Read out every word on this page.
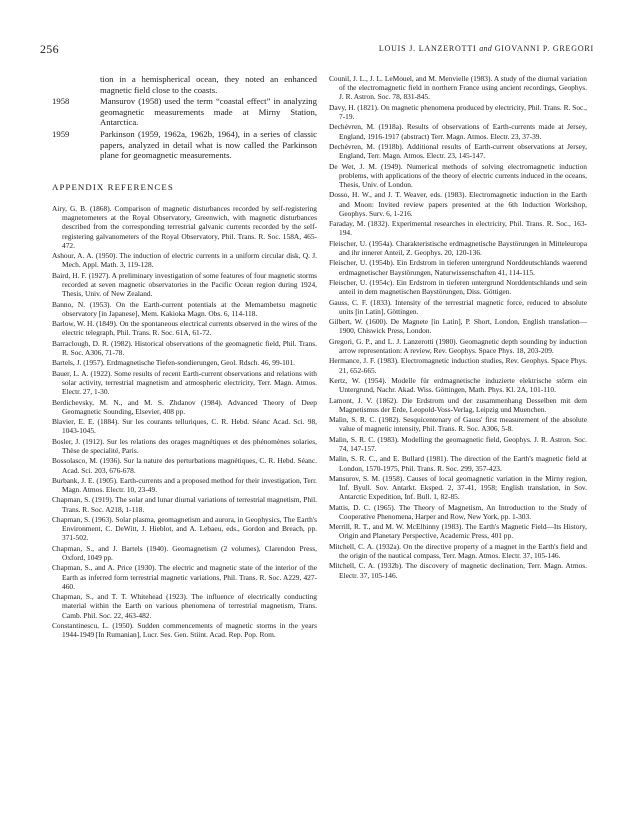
256	LOUIS J. LANZEROTTI and GIOVANNI P. GREGORI
tion in a hemispherical ocean, they noted an enhanced magnetic field close to the coasts.
1958	Mansurov (1958) used the term “coastal effect” in analyzing geomagnetic measurements made at Mirny Station, Antarctica.
1959	Parkinson (1959, 1962a, 1962b, 1964), in a series of classic papers, analyzed in detail what is now called the Parkinson plane for geomagnetic measurements.
APPENDIX REFERENCES
Airy, G. B. (1868). Comparison of magnetic disturbances recorded by self-registering magnetometers at the Royal Observatory, Greenwich, with magnetic disturbances described from the corresponding terrestrial galvanic currents recorded by the self-registering galvanometers of the Royal Observatory, Phil. Trans. R. Soc. 158A, 465-472.
Ashour, A. A. (1950). The induction of electric currents in a uniform circular disk, Q. J. Mech. Appl. Math. 3, 119-128.
Baird, H. F. (1927). A preliminary investigation of some features of four magnetic storms recorded at seven magnetic observatories in the Pacific Ocean region during 1924, Thesis, Univ. of New Zealand.
Banno, N. (1953). On the Earth-current potentials at the Memambetsu magnetic observatory [in Japanese], Mem. Kakioka Magn. Obs. 6, 114-118.
Barlow, W. H. (1849). On the spontaneous electrical currents observed in the wires of the electric telegraph, Phil. Trans. R. Soc. 61A, 61-72.
Barraclough, D. R. (1982). Historical observations of the geomagnetic field, Phil. Trans. R. Soc. A306, 71-78.
Bartels, J. (1957). Erdmagnetische Tiefen-sondierungen, Geol. Rdsch. 46, 99-101.
Bauer, L. A. (1922). Some results of recent Earth-current observations and relations with solar activity, terrestrial magnetism and atmospheric electricity, Terr. Magn. Atmos. Electr. 27, 1-30.
Berdichevsky, M. N., and M. S. Zhdanov (1984). Advanced Theory of Deep Geomagnetic Sounding, Elsevier, 408 pp.
Blavier, E. E. (1884). Sur les courants telluriques, C. R. Hebd. Séanc Acad. Sci. 98, 1043-1045.
Bosler, J. (1912). Sur les relations des orages magnétiques et des phénomènes solaries, Thèse de specialité, Paris.
Bossolasco, M. (1936). Sur la nature des perturbations magnétiques, C. R. Hebd. Séanc. Acad. Sci. 203, 676-678.
Burbank, J. E. (1905). Earth-currents and a proposed method for their investigation, Terr. Magn. Atmos. Electr. 10, 23-49.
Chapman, S. (1919). The solar and lunar diurnal variations of terrestrial magnetism, Phil. Trans. R. Soc. A218, 1-118.
Chapman, S. (1963). Solar plasma, geomagnetism and aurora, in Geophysics, The Earth's Environment, C. DeWitt, J. Hieblot, and A. Lebaeu, eds., Gordon and Breach, pp. 371-502.
Chapman, S., and J. Bartels (1940). Geomagnetism (2 volumes), Clarendon Press, Oxford, 1049 pp.
Chapman, S., and A. Price (1930). The electric and magnetic state of the interior of the Earth as inferred form terrestrial magnetic variations, Phil. Trans. R. Soc. A229, 427-460.
Chapman, S., and T. T. Whitehead (1923). The influence of electrically conducting material within the Earth on various phenomena of terrestrial magnetism, Trans. Camb. Phil. Soc. 22, 463-482.
Constantinescu, L. (1950). Sudden commencements of magnetic storms in the years 1944-1949 [In Rumanian], Lucr. Ses. Gen. Stiint. Acad. Rep. Pop. Rom.
Counil, J. L., J. L. LeMouel, and M. Menvielle (1983). A study of the diurnal variation of the electromagnetic field in northern France using ancient recordings, Geophys. J. R. Astron. Soc. 78, 831-845.
Davy, H. (1821). On magnetic phenomena produced by electricity, Phil. Trans. R. Soc., 7-19.
Dechévren, M. (1918a). Results of observations of Earth-currents made at Jersey, England, 1916-1917 (abstract) Terr. Magn. Atmos. Electr. 23, 37-39.
Dechévren, M. (1918b). Additional results of Earth-current observations at Jersey, England, Terr. Magn. Atmos. Electr. 23, 145-147.
De Wet, J. M. (1949). Numerical methods of solving electromagnetic induction problems, with applications of the theory of electric currents induced in the oceans, Thesis, Univ. of London.
Dosso, H. W., and J. T. Weaver, eds. (1983). Electromagnetic induction in the Earth and Moon: Invited review papers presented at the 6th Induction Workshop, Geophys. Surv. 6, 1-216.
Faraday, M. (1832). Experimental researches in electricity, Phil. Trans. R. Soc., 163-194.
Fleischer, U. (1954a). Charakteristische erdmagnetische Baystörungen in Mitteleuropa and ihr innerer Anteil, Z. Geophys. 20, 120-136.
Fleischer, U. (1954b). Ein Erdstrom in tieferen untergrund Norddeutschlands waerend erdmagnetischer Baystörungen, Naturwissenschaften 41, 114-115.
Fleischer, U. (1954c). Ein Erdstrom in tieferen untergrund Norddentschlands und sein anteil in dem magnetischen Baystörungen, Diss. Göttigen.
Gauss, C. F. (1833). Intensity of the terrestrial magnetic force, reduced to absolute units [in Latin], Göttingen.
Gilbert, W. (1600). De Magnete [in Latin], P. Short, London, English translation—1900, Chiswick Press, London.
Gregori, G. P., and L. J. Lanzerotti (1980). Geomagnetic depth sounding by induction arrow representation: A review, Rev. Geophys. Space Phys. 18, 203-209.
Hermance, J. F. (1983). Electromagnetic induction studies, Rev. Geophys. Space Phys. 21, 652-665.
Kertz, W. (1954). Modelle für erdmagnetische induzierte elektrische störm ein Untergrund, Nachr. Akad. Wiss. Göttingen, Math. Phys. Kl. 2A, 101-110.
Lamont, J. V. (1862). Die Erdstrom und der zusammenhang Desselben mit dem Magnetismus der Erde, Leopold-Voss-Verlag, Leipzig und Muenchen.
Malin, S. R. C. (1982). Sesquicentenary of Gauss' first measurement of the absolute value of magnetic intensity, Phil. Trans. R. Soc. A306, 5-8.
Malin, S. R. C. (1983). Modelling the geomagnetic field, Geophys. J. R. Astron. Soc. 74, 147-157.
Malin, S. R. C., and E. Bullard (1981). The direction of the Earth's magnetic field at London, 1570-1975, Phil. Trans. R. Soc. 299, 357-423.
Mansurov, S. M. (1958). Causes of local geomagnetic variation in the Mirny region, Inf. Byull. Sov. Antarkt. Eksped. 2, 37-41, 1958; English translation, in Sov. Antarctic Expedition, Inf. Bull. 1, 82-85.
Mattis, D. C. (1965). The Theory of Magnetism, An Introduction to the Study of Cooperative Phenomena, Harper and Row, New York, pp. 1-303.
Merrill, R. T., and M. W. McElhinny (1983). The Earth's Magnetic Field—Its History, Origin and Planetary Perspective, Academic Press, 401 pp.
Mitchell, C. A. (1932a). On the directive property of a magnet in the Earth's field and the origin of the nautical compass, Terr. Magn. Atmos. Electr. 37, 105-146.
Mitchell, C. A. (1932b). The discovery of magnetic declination, Terr. Magn. Atmos. Electr. 37, 105-146.
